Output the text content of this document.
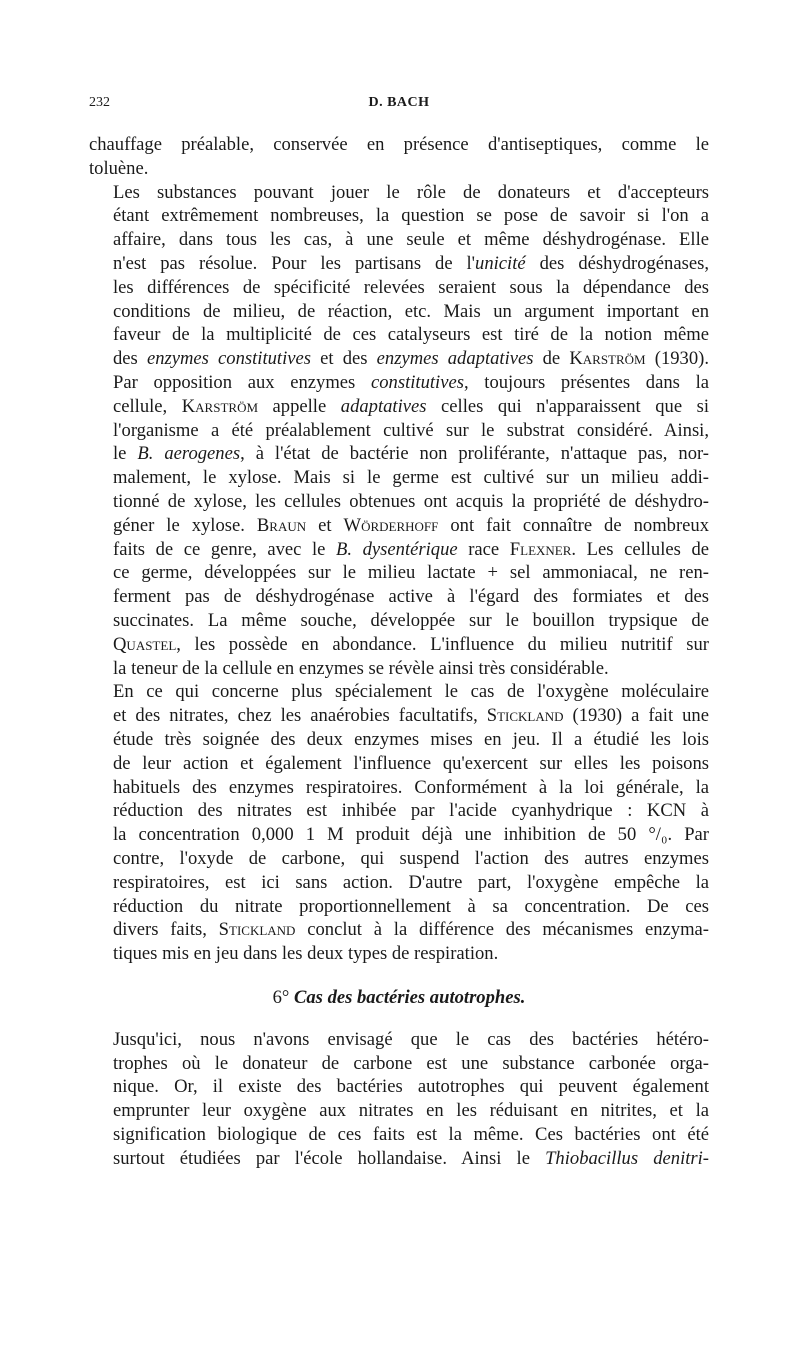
232	D. BACH

chauffage préalable, conservée en présence d'antiseptiques, comme le
toluène.

Les substances pouvant jouer le rôle de donateurs et d'accepteurs
étant extrêmement nombreuses, la question se pose de savoir si l'on a
affaire, dans tous les cas, à une seule et même déshydrogénase. Elle
n'est pas résolue. Pour les partisans de l'unicité des déshydrogénases,
les différences de spécificité relevées seraient sous la dépendance des
conditions de milieu, de réaction, etc. Mais un argument important en
faveur de la multiplicité de ces catalyseurs est tiré de la notion même
des enzymes constitutives et des enzymes adaptatives de Karström (1930).
Par opposition aux enzymes constitutives, toujours présentes dans la
cellule, Karström appelle adaptatives celles qui n'apparaissent que si
l'organisme a été préalablement cultivé sur le substrat considéré. Ainsi,
le B. aerogenes, à l'état de bactérie non proliférante, n'attaque pas, nor-
malement, le xylose. Mais si le germe est cultivé sur un milieu addi-
tionné de xylose, les cellules obtenues ont acquis la propriété de déshydro-
géner le xylose. Braun et Wörderhoff ont fait connaître de nombreux
faits de ce genre, avec le B. dysentérique race Flexner. Les cellules de
ce germe, développées sur le milieu lactate + sel ammoniacal, ne ren-
ferment pas de déshydrogénase active à l'égard des formiates et des
succinates. La même souche, développée sur le bouillon trypsique de
Quastel, les possède en abondance. L'influence du milieu nutritif sur
la teneur de la cellule en enzymes se révèle ainsi très considérable.

En ce qui concerne plus spécialement le cas de l'oxygène moléculaire
et des nitrates, chez les anaérobies facultatifs, Stickland (1930) a fait une
étude très soignée des deux enzymes mises en jeu. Il a étudié les lois
de leur action et également l'influence qu'exercent sur elles les poisons
habituels des enzymes respiratoires. Conformément à la loi générale, la
réduction des nitrates est inhibée par l'acide cyanhydrique : KCN à
la concentration 0,000 1 M produit déjà une inhibition de 50 °/₀. Par
contre, l'oxyde de carbone, qui suspend l'action des autres enzymes
respiratoires, est ici sans action. D'autre part, l'oxygène empêche la
réduction du nitrate proportionnellement à sa concentration. De ces
divers faits, Stickland conclut à la différence des mécanismes enzyma-
tiques mis en jeu dans les deux types de respiration.

6° Cas des bactéries autotrophes.

Jusqu'ici, nous n'avons envisagé que le cas des bactéries hétéro-
trophes où le donateur de carbone est une substance carbonée orga-
nique. Or, il existe des bactéries autotrophes qui peuvent également
emprunter leur oxygène aux nitrates en les réduisant en nitrites, et la
signification biologique de ces faits est la même. Ces bactéries ont été
surtout étudiées par l'école hollandaise. Ainsi le Thiobacillus denitri-
